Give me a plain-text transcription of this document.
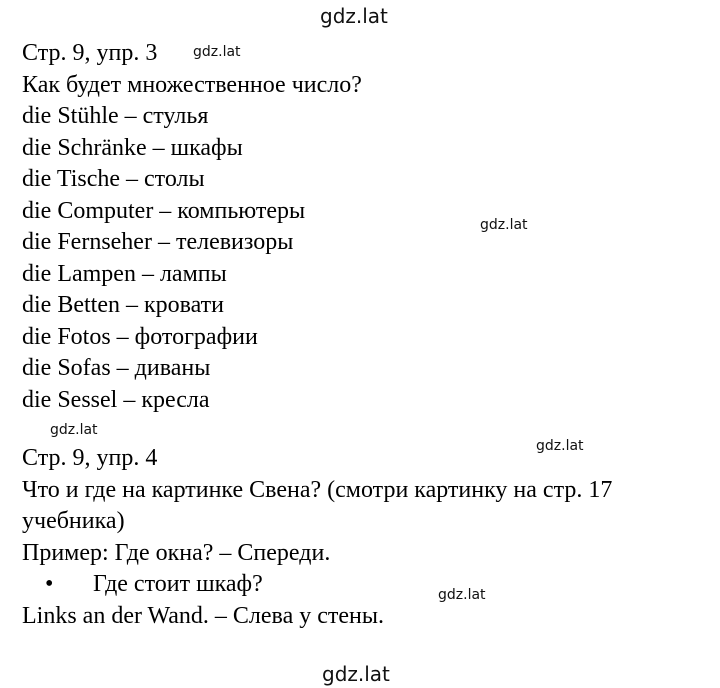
gdz.lat
gdz.lat
gdz.lat
gdz.lat
gdz.lat
gdz.lat
gdz.lat
Стр. 9, упр. 3
Как будет множественное число?
die Stühle – стулья
die Schränke – шкафы
die Tische – столы
die Computer – компьютеры
die Fernseher – телевизоры
die Lampen – лампы
die Betten – кровати
die Fotos – фотографии
die Sofas – диваны
die Sessel – кресла
Стр. 9, упр. 4
Что и где на картинке Свена? (смотри картинку на стр. 17 учебника)
Пример: Где окна? – Спереди.
• Где стоит шкаф?
Links an der Wand. – Слева у стены.
